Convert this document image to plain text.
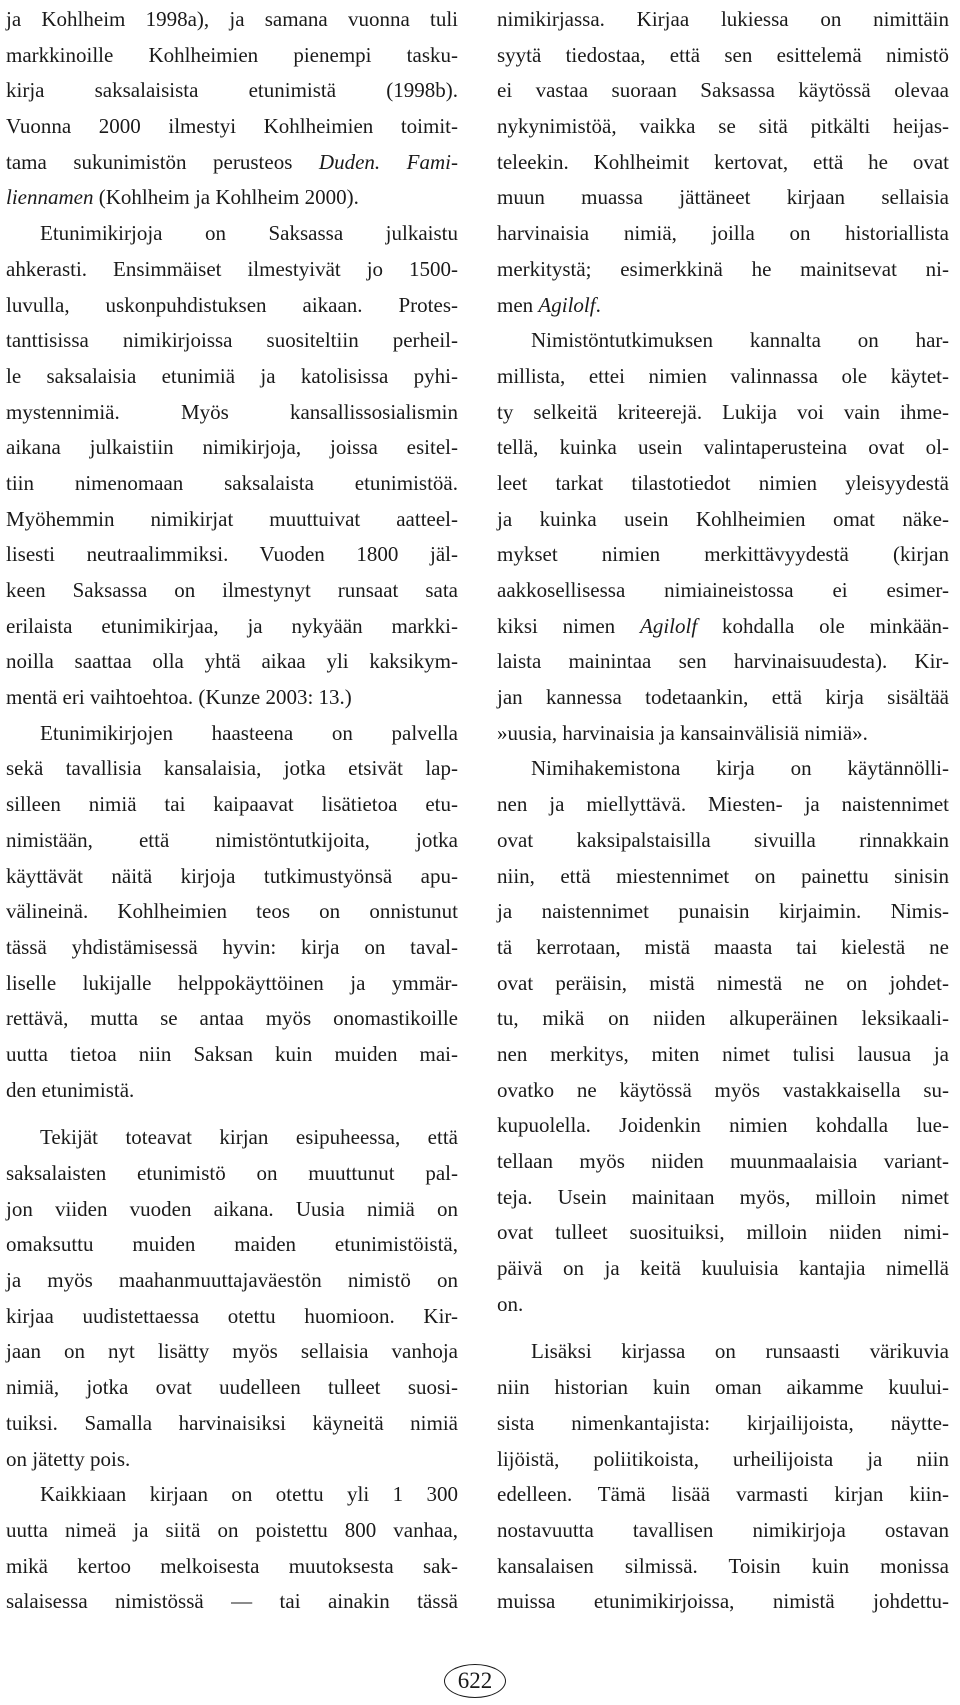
ja Kohlheim 1998a), ja samana vuonna tuli
markkinoille Kohlheimien pienempi tasku-
kirja saksalaisista etunimistä (1998b).
Vuonna 2000 ilmestyi Kohlheimien toimit-
tama sukunimistön perusteos Duden. Fami-
liennamen (Kohlheim ja Kohlheim 2000).
Etunimikirjoja on Saksassa julkaistu
ahkerasti. Ensimmäiset ilmestyivät jo 1500-
luvulla, uskonpuhdistuksen aikaan. Protes-
tanttisissa nimikirjoissa suositeltiin perheil-
le saksalaisia etunimiä ja katolisissa pyhi-
mystennimiä. Myös kansallissosialismin
aikana julkaistiin nimikirjoja, joissa esitel-
tiin nimenomaan saksalaista etunimistöä.
Myöhemmin nimikirjat muuttuivat aatteel-
lisesti neutraalimmiksi. Vuoden 1800 jäl-
keen Saksassa on ilmestynyt runsaat sata
erilaista etunimikirjaa, ja nykyään markki-
noilla saattaa olla yhtä aikaa yli kaksikym-
mentä eri vaihtoehtoa. (Kunze 2003: 13.)
Etunimikirjojen haasteena on palvella
sekä tavallisia kansalaisia, jotka etsivät lap-
silleen nimiä tai kaipaavat lisätietoa etu-
nimistään, että nimistöntutkijoita, jotka
käyttävät näitä kirjoja tutkimustyönsä apu-
välineinä. Kohlheimien teos on onnistunut
tässä yhdistämisessä hyvin: kirja on taval-
liselle lukijalle helppokäyttöinen ja ymmär-
rettävä, mutta se antaa myös onomastikoille
uutta tietoa niin Saksan kuin muiden mai-
den etunimistä.
Tekijät toteavat kirjan esipuheessa, että
saksalaisten etunimistö on muuttunut pal-
jon viiden vuoden aikana. Uusia nimiä on
omaksuttu muiden maiden etunimistöistä,
ja myös maahanmuuttajaväestön nimistö on
kirjaa uudistettaessa otettu huomioon. Kir-
jaan on nyt lisätty myös sellaisia vanhoja
nimiä, jotka ovat uudelleen tulleet suosi-
tuiksi. Samalla harvinaisiksi käyneitä nimiä
on jätetty pois.
Kaikkiaan kirjaan on otettu yli 1 300
uutta nimeä ja siitä on poistettu 800 vanhaa,
mikä kertoo melkoisesta muutoksesta sak-
salaisessa nimistössä — tai ainakin tässä
nimikirjassa. Kirjaa lukiessa on nimittäin
syytä tiedostaa, että sen esittelemä nimistö
ei vastaa suoraan Saksassa käytössä olevaa
nykynimistöä, vaikka se sitä pitkälti heijas-
teleekin. Kohlheimit kertovat, että he ovat
muun muassa jättäneet kirjaan sellaisia
harvinaisia nimiä, joilla on historiallista
merkitystä; esimerkkinä he mainitsevat ni-
men Agilolf.
Nimistöntutkimuksen kannalta on har-
millista, ettei nimien valinnassa ole käytet-
ty selkeitä kriteerejä. Lukija voi vain ihme-
tellä, kuinka usein valintaperusteina ovat ol-
leet tarkat tilastotiedot nimien yleisyydestä
ja kuinka usein Kohlheimien omat näke-
mykset nimien merkittävyydestä (kirjan
aakkosellisessa nimiaineistossa ei esimer-
kiksi nimen Agilolf kohdalla ole minkään-
laista mainintaa sen harvinaisuudesta). Kir-
jan kannessa todetaankin, että kirja sisältää
»uusia, harvinaisia ja kansainvälisiä nimiä».
Nimihakemistona kirja on käytännölli-
nen ja miellyttävä. Miesten- ja naistennimet
ovat kaksipalstaisilla sivuilla rinnakkain
niin, että miestennimet on painettu sinisin
ja naistennimet punaisin kirjaimin. Nimis-
tä kerrotaan, mistä maasta tai kielestä ne
ovat peräisin, mistä nimestä ne on johdet-
tu, mikä on niiden alkuperäinen leksikaali-
nen merkitys, miten nimet tulisi lausua ja
ovatko ne käytössä myös vastakkaisella su-
kupuolella. Joidenkin nimien kohdalla lue-
tellaan myös niiden muunmaalaisia variant-
teja. Usein mainitaan myös, milloin nimet
ovat tulleet suosituiksi, milloin niiden nimi-
päivä on ja keitä kuuluisia kantajia nimellä
on.
Lisäksi kirjassa on runsaasti värikuvia
niin historian kuin oman aikamme kuului-
sista nimenkantajista: kirjailijoista, näytte-
lijöistä, poliitikoista, urheilijoista ja niin
edelleen. Tämä lisää varmasti kirjan kiin-
nostavuutta tavallisen nimikirjoja ostavan
kansalaisen silmissä. Toisin kuin monissa
muissa etunimikirjoissa, nimistä johdettu-
622
